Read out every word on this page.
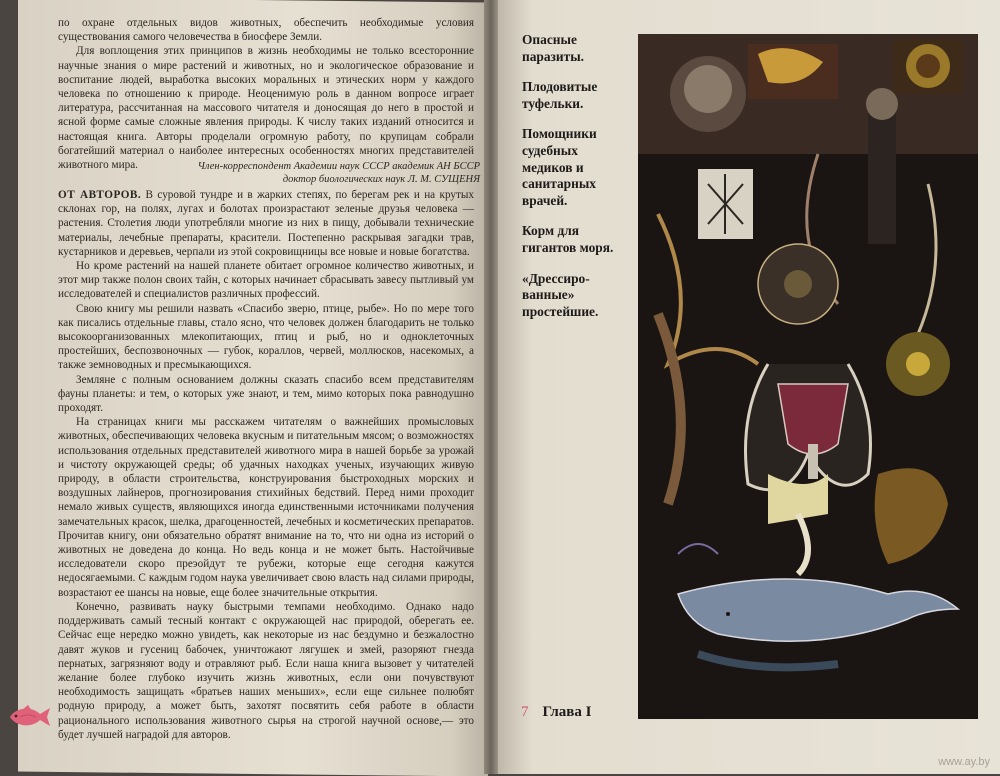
по охране отдельных видов животных, обеспечить необходимые условия существования самого человечества в биосфере Земли.

Для воплощения этих принципов в жизнь необходимы не только всесторонние научные знания о мире растений и животных, но и экологическое образование и воспитание людей, выработка высоких моральных и этических норм у каждого человека по отношению к природе. Неоценимую роль в данном вопросе играет литература, рассчитанная на массового читателя и доносящая до него в простой и ясной форме самые сложные явления природы. К числу таких изданий относится и настоящая книга. Авторы проделали огромную работу, по крупицам собрали богатейший материал о наиболее интересных особенностях многих представителей животного мира.	Член-корреспондент Академии наук СССР академик АН БССР
доктор биологических наук Л. М. СУЩЕНЯ

ОТ АВТОРОВ. В суровой тундре и в жарких степях, по берегам рек и на крутых склонах гор, на полях, лугах и болотах произрастают зеленые друзья человека — растения. Столетия люди употребляли многие из них в пищу, добывали технические материалы, лечебные препараты, красители. Постепенно раскрывая загадки трав, кустарников и деревьев, черпали из этой сокровищницы все новые и новые богатства.

Но кроме растений на нашей планете обитает огромное количество животных, и этот мир также полон своих тайн, с которых начинает сбрасывать завесу пытливый ум исследователей и специалистов различных профессий.

Свою книгу мы решили назвать «Спасибо зверю, птице, рыбе». Но по мере того как писались отдельные главы, стало ясно, что человек должен благодарить не только высокоорганизованных млекопитающих, птиц и рыб, но и одноклеточных простейших, беспозвоночных — губок, кораллов, червей, моллюсков, насекомых, а также земноводных и пресмыкающихся.

Земляне с полным основанием должны сказать спасибо всем представителям фауны планеты: и тем, о которых уже знают, и тем, мимо которых пока равнодушно проходят.

На страницах книги мы расскажем читателям о важнейших промысловых животных, обеспечивающих человека вкусным и питательным мясом; о возможностях использования отдельных представителей животного мира в нашей борьбе за урожай и чистоту окружающей среды; об удачных находках ученых, изучающих живую природу, в области строительства, конструирования быстроходных морских и воздушных лайнеров, прогнозирования стихийных бедствий. Перед ними проходит немало живых существ, являющихся иногда единственными источниками получения замечательных красок, шелка, драгоценностей, лечебных и косметических препаратов. Прочитав книгу, они обязательно обратят внимание на то, что ни одна из историй о животных не доведена до конца. Но ведь конца и не может быть. Настойчивые исследователи скоро преэойдут те рубежи, которые еще сегодня кажутся недосягаемыми. С каждым годом наука увеличивает свою власть над силами природы, возрастают ее шансы на новые, еще более значительные открытия.

Конечно, развивать науку быстрыми темпами необходимо. Однако надо поддерживать самый тесный контакт с окружающей нас природой, оберегать ее. Сейчас еще нередко можно увидеть, как некоторые из нас бездумно и безжалостно давят жуков и гусениц бабочек, уничтожают лягушек и змей, разоряют гнезда пернатых, загрязняют воду и отравляют рыб. Если наша книга вызовет у читателей желание более глубоко изучить жизнь животных, если они почувствуют необходимость защищать «братьев наших меньших», если еще сильнее полюбят родную природу, а может быть, захотят посвятить себя работе в области рационального использования животного сырья на строгой научной основе,— это будет лучшей наградой для авторов.

Опасные паразиты.
Плодовитые туфельки.
Помощники судебных медиков и санитарных врачей.
Корм для гигантов моря.
«Дрессиро-ванные» простейшие.
7 Глава I
www.ay.by
